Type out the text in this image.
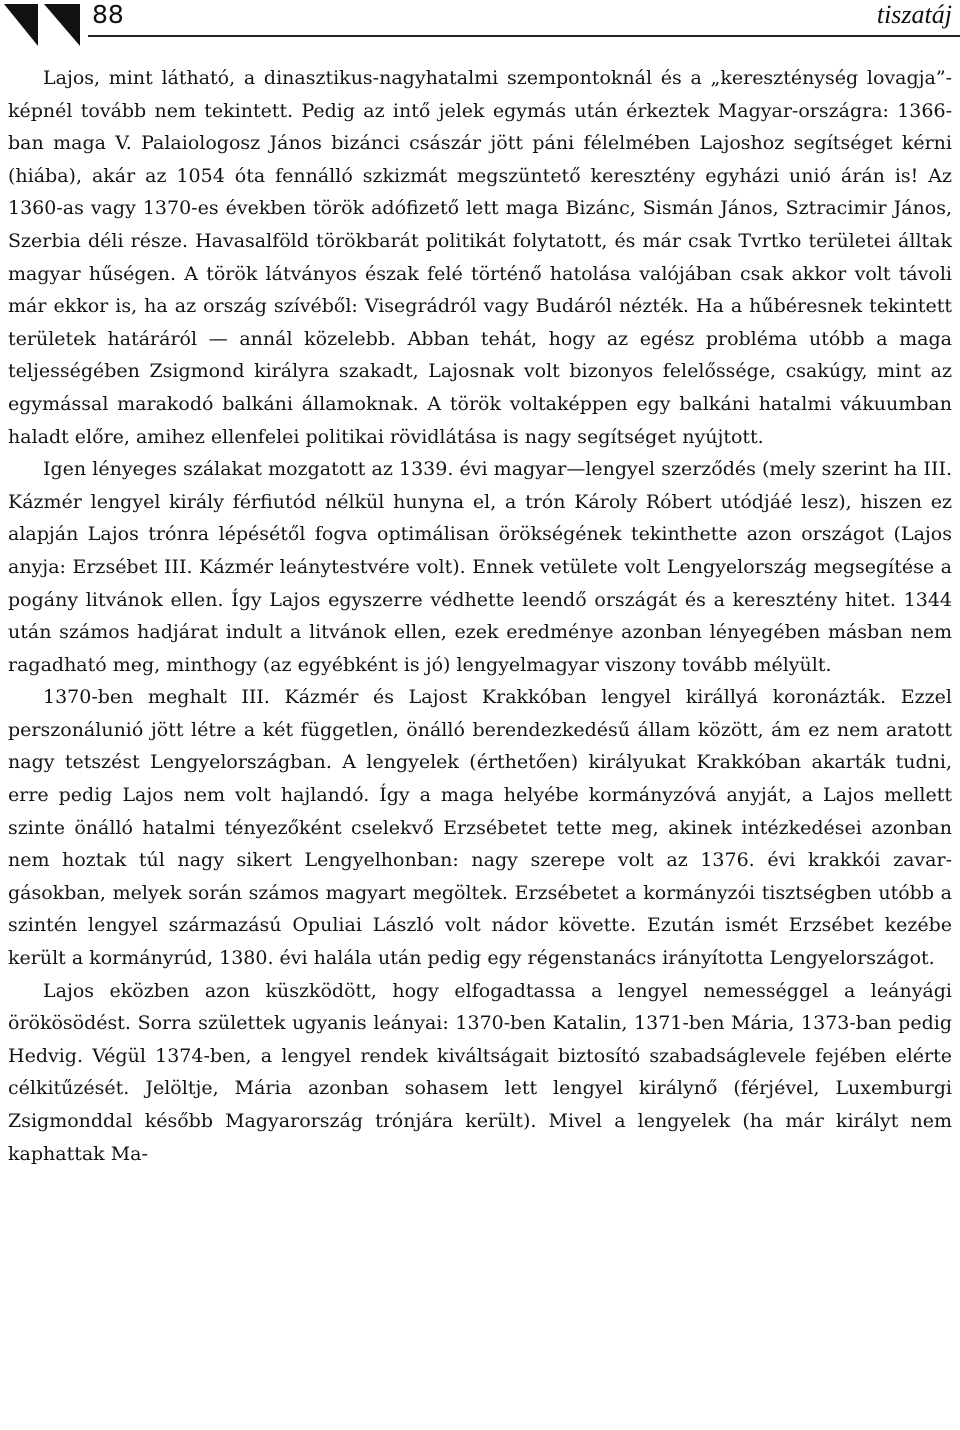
88	tiszatáj

Lajos, mint látható, a dinasztikus-nagyhatalmi szempontoknál és a „kereszténység lovagja”-képnél tovább nem tekintett. Pedig az intő jelek egymás után érkeztek Magyar-országra: 1366-ban maga V. Palaiologosz János bizánci császár jött páni félelmében Lajoshoz segítséget kérni (hiába), akár az 1054 óta fennálló szkizmát megszüntető keresztény egyházi unió árán is! Az 1360-as vagy 1370-es években török adófizető lett maga Bizánc, Sismán János, Sztracimir János, Szerbia déli része. Havasalföld törökbarát politikát folytatott, és már csak Tvrtko területei álltak magyar hűségen. A török látványos észak felé történő hatolása valójában csak akkor volt távoli már ekkor is, ha az ország szívéből: Visegrádról vagy Budáról nézték. Ha a hűbéresnek tekintett területek határáról — annál közelebb. Abban tehát, hogy az egész probléma utóbb a maga teljességében Zsigmond királyra szakadt, Lajosnak volt bizonyos felelőssége, csakúgy, mint az egymással marakodó balkáni államoknak. A török voltaképpen egy balkáni hatalmi vákuumban haladt előre, amihez ellenfelei politikai rövidlátása is nagy segítséget nyújtott.

Igen lényeges szálakat mozgatott az 1339. évi magyar—lengyel szerződés (mely szerint ha III. Kázmér lengyel király férfiutód nélkül hunyna el, a trón Károly Róbert utódjáé lesz), hiszen ez alapján Lajos trónra lépésétől fogva optimálisan örökségének tekinthette azon országot (Lajos anyja: Erzsébet III. Kázmér leánytestvére volt). Ennek vetülete volt Lengyelország megsegítése a pogány litvánok ellen. Így Lajos egyszerre védhette leendő országát és a keresztény hitet. 1344 után számos hadjárat indult a litvánok ellen, ezek eredménye azonban lényegében másban nem ragadható meg, minthogy (az egyébként is jó) lengyelmagyar viszony tovább mélyült.

1370-ben meghalt III. Kázmér és Lajost Krakkóban lengyel királlyá koronázták. Ezzel perszonálunió jött létre a két független, önálló berendezkedésű állam között, ám ez nem aratott nagy tetszést Lengyelországban. A lengyelek (érthetően) királyukat Krakkóban akarták tudni, erre pedig Lajos nem volt hajlandó. Így a maga helyébe kormányzóvá anyját, a Lajos mellett szinte önálló hatalmi tényezőként cselekvő Erzsébetet tette meg, akinek intézkedései azonban nem hoztak túl nagy sikert Lengyelhonban: nagy szerepe volt az 1376. évi krakkói zavargásokban, melyek során számos magyart megöltek. Erzsébetet a kormányzói tisztségben utóbb a szintén lengyel származású Opuliai László volt nádor követte. Ezután ismét Erzsébet kezébe került a kormányrúd, 1380. évi halála után pedig egy régenstanács irányította Lengyelországot.

Lajos eközben azon küszködött, hogy elfogadtassa a lengyel nemességgel a leányági örökösödést. Sorra születtek ugyanis leányai: 1370-ben Katalin, 1371-ben Mária, 1373-ban pedig Hedvig. Végül 1374-ben, a lengyel rendek kiváltságait biztosító szabadságlevele fejében elérte célkitűzését. Jelöltje, Mária azonban sohasem lett lengyel királynő (férjével, Luxemburgi Zsigmonddal később Magyarország trónjára került). Mivel a lengyelek (ha már királyt nem kaphattak Ma-
